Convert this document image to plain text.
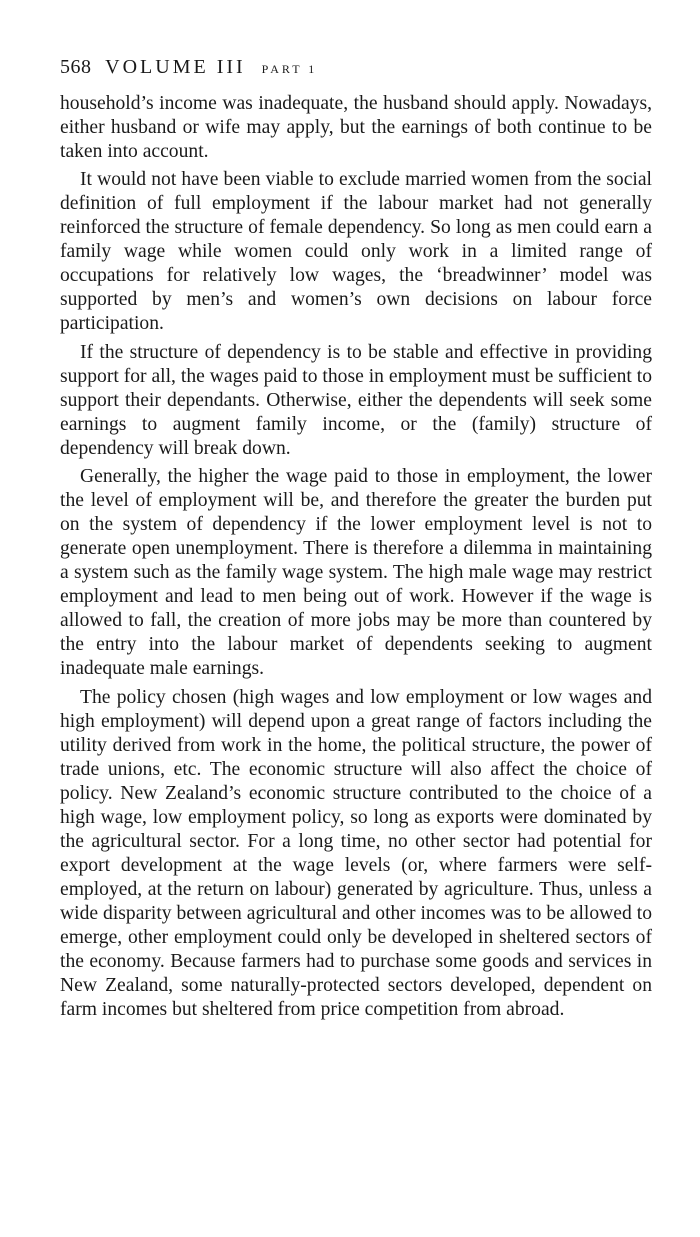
568 VOLUME III PART 1

household’s income was inadequate, the husband should apply. Nowadays, either husband or wife may apply, but the earnings of both continue to be taken into account.

It would not have been viable to exclude married women from the social definition of full employment if the labour market had not generally reinforced the structure of female dependency. So long as men could earn a family wage while women could only work in a limited range of occupations for relatively low wages, the ‘breadwinner’ model was supported by men’s and women’s own decisions on labour force participation.

If the structure of dependency is to be stable and effective in providing support for all, the wages paid to those in employment must be sufficient to support their dependants. Otherwise, either the dependents will seek some earnings to augment family income, or the (family) structure of dependency will break down.

Generally, the higher the wage paid to those in employment, the lower the level of employment will be, and therefore the greater the burden put on the system of dependency if the lower employment level is not to generate open unemployment. There is therefore a dilemma in maintaining a system such as the family wage system. The high male wage may restrict employment and lead to men being out of work. However if the wage is allowed to fall, the creation of more jobs may be more than countered by the entry into the labour market of dependents seeking to augment inadequate male earnings.

The policy chosen (high wages and low employment or low wages and high employment) will depend upon a great range of factors including the utility derived from work in the home, the political structure, the power of trade unions, etc. The economic structure will also affect the choice of policy. New Zealand’s economic structure contributed to the choice of a high wage, low employment policy, so long as exports were dominated by the agricultural sector. For a long time, no other sector had potential for export development at the wage levels (or, where farmers were self-employed, at the return on labour) generated by agriculture. Thus, unless a wide disparity between agricultural and other incomes was to be allowed to emerge, other employment could only be developed in sheltered sectors of the economy. Because farmers had to purchase some goods and services in New Zealand, some naturally-protected sectors developed, dependent on farm incomes but sheltered from price competition from abroad.
